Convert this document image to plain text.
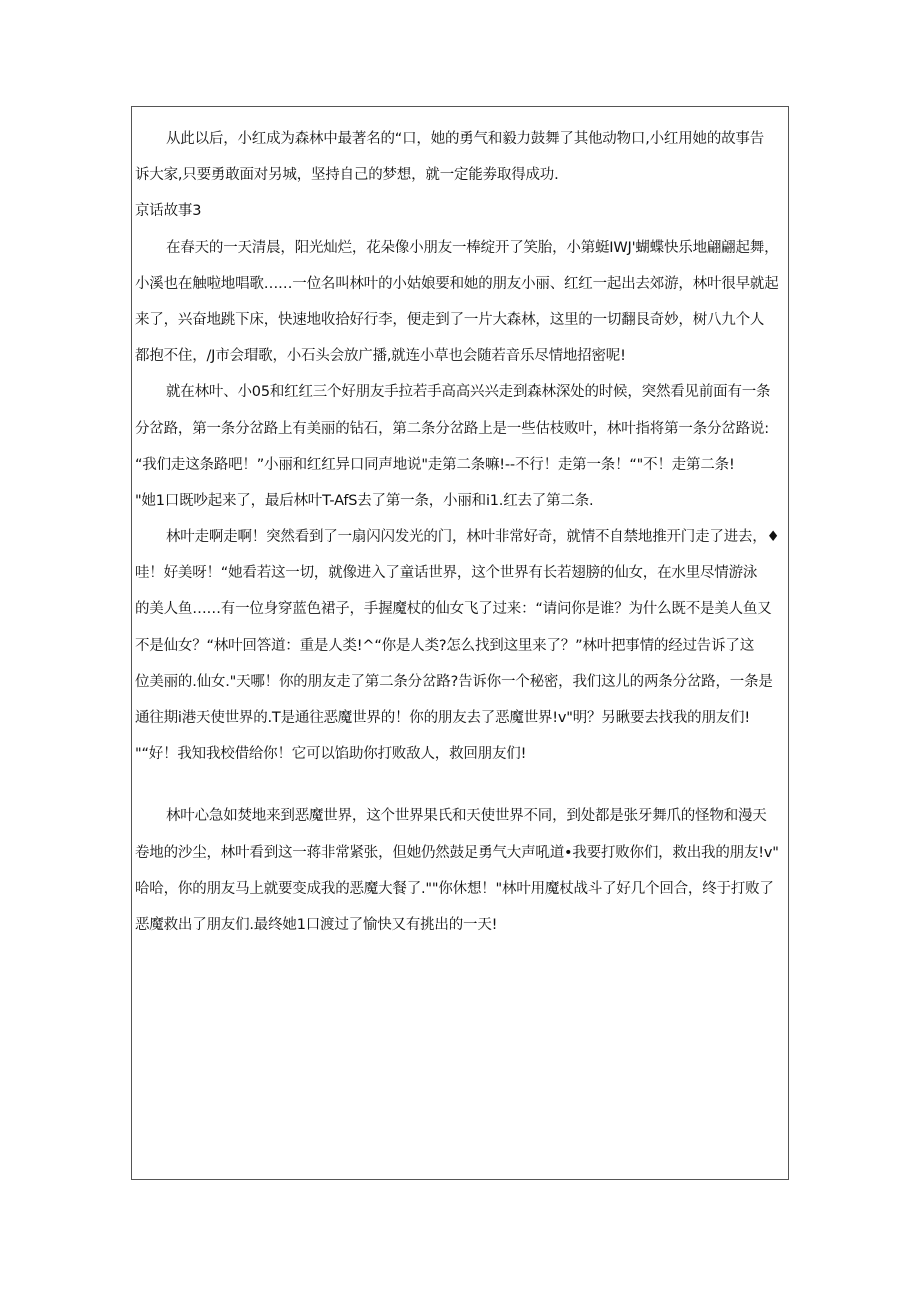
从此以后，小红成为森林中最著名的“口，她的勇气和毅力鼓舞了其他动物口,小红用她的故事告
诉大家,只要勇敢面对另城，坚持自己的梦想，就一定能劵取得成功.
京话故事3
在春天的一天清晨，阳光灿烂，花朵像小朋友一棒绽开了笑胎，小第蜓IWJ'蝴蝶快乐地翩翩起舞，
小溪也在触啦地唱歌……一位名叫林叶的小姑娘要和她的朋友小丽、红红一起出去郊游，林叶很早就起
来了，兴奋地跳下床，快速地收拾好行李，便走到了一片大森林，这里的一切翻艮奇妙，树八九个人
都抱不住，/J市会瑁歌，小石头会放广播,就连小草也会随若音乐尽情地招密呢!
就在林叶、小05和红红三个好朋友手拉若手高高兴兴走到森林深处的时候，突然看见前面有一条
分岔路，第一条分岔路上有美丽的钻石，第二条分岔路上是一些估枝败叶，林叶指将第一条分岔路说:
“我们走这条路吧！”小丽和红红异口同声地说"走第二条嘛!--不行！走第一条！“"不！走第二条!
"她1口既吵起来了，最后林叶T-AfS去了第一条，小丽和i1.红去了第二条.
林叶走啊走啊！突然看到了一扇闪闪发光的门，林叶非常好奇，就情不自禁地推开门走了进去，♦
哇！好美呀！“她看若这一切，就像进入了童话世界，这个世界有长若翅膀的仙女，在水里尽情游泳
的美人鱼……有一位身穿蓝色裙子，手握魔杖的仙女飞了过来：“请问你是谁？为什么既不是美人鱼又
不是仙女？“林叶回答道：重是人类!^“你是人类?怎么找到这里来了？”林叶把事情的经过告诉了这
位美丽的.仙女."天哪！你的朋友走了第二条分岔路?告诉你一个秘密，我们这儿的两条分岔路，一条是
通往期i港天使世界的.T是通往恶魔世界的！你的朋友去了恶魔世界!v"明？另瞅要去找我的朋友们!
"“好！我知我校借给你！它可以馅助你打败敌人，救回朋友们!
林叶心急如焚地来到恶魔世界，这个世界果氏和天使世界不同，到处都是张牙舞爪的怪物和漫天
卷地的沙尘，林叶看到这一蒋非常紧张，但她仍然鼓足勇气大声吼道•我要打败你们，救出我的朋友!v"
哈哈，你的朋友马上就要变成我的恶魔大餐了.""你休想！"林叶用魔杖战斗了好几个回合，终于打败了
恶魔救出了朋友们.最终她1口渡过了愉快又有挑出的一天!
